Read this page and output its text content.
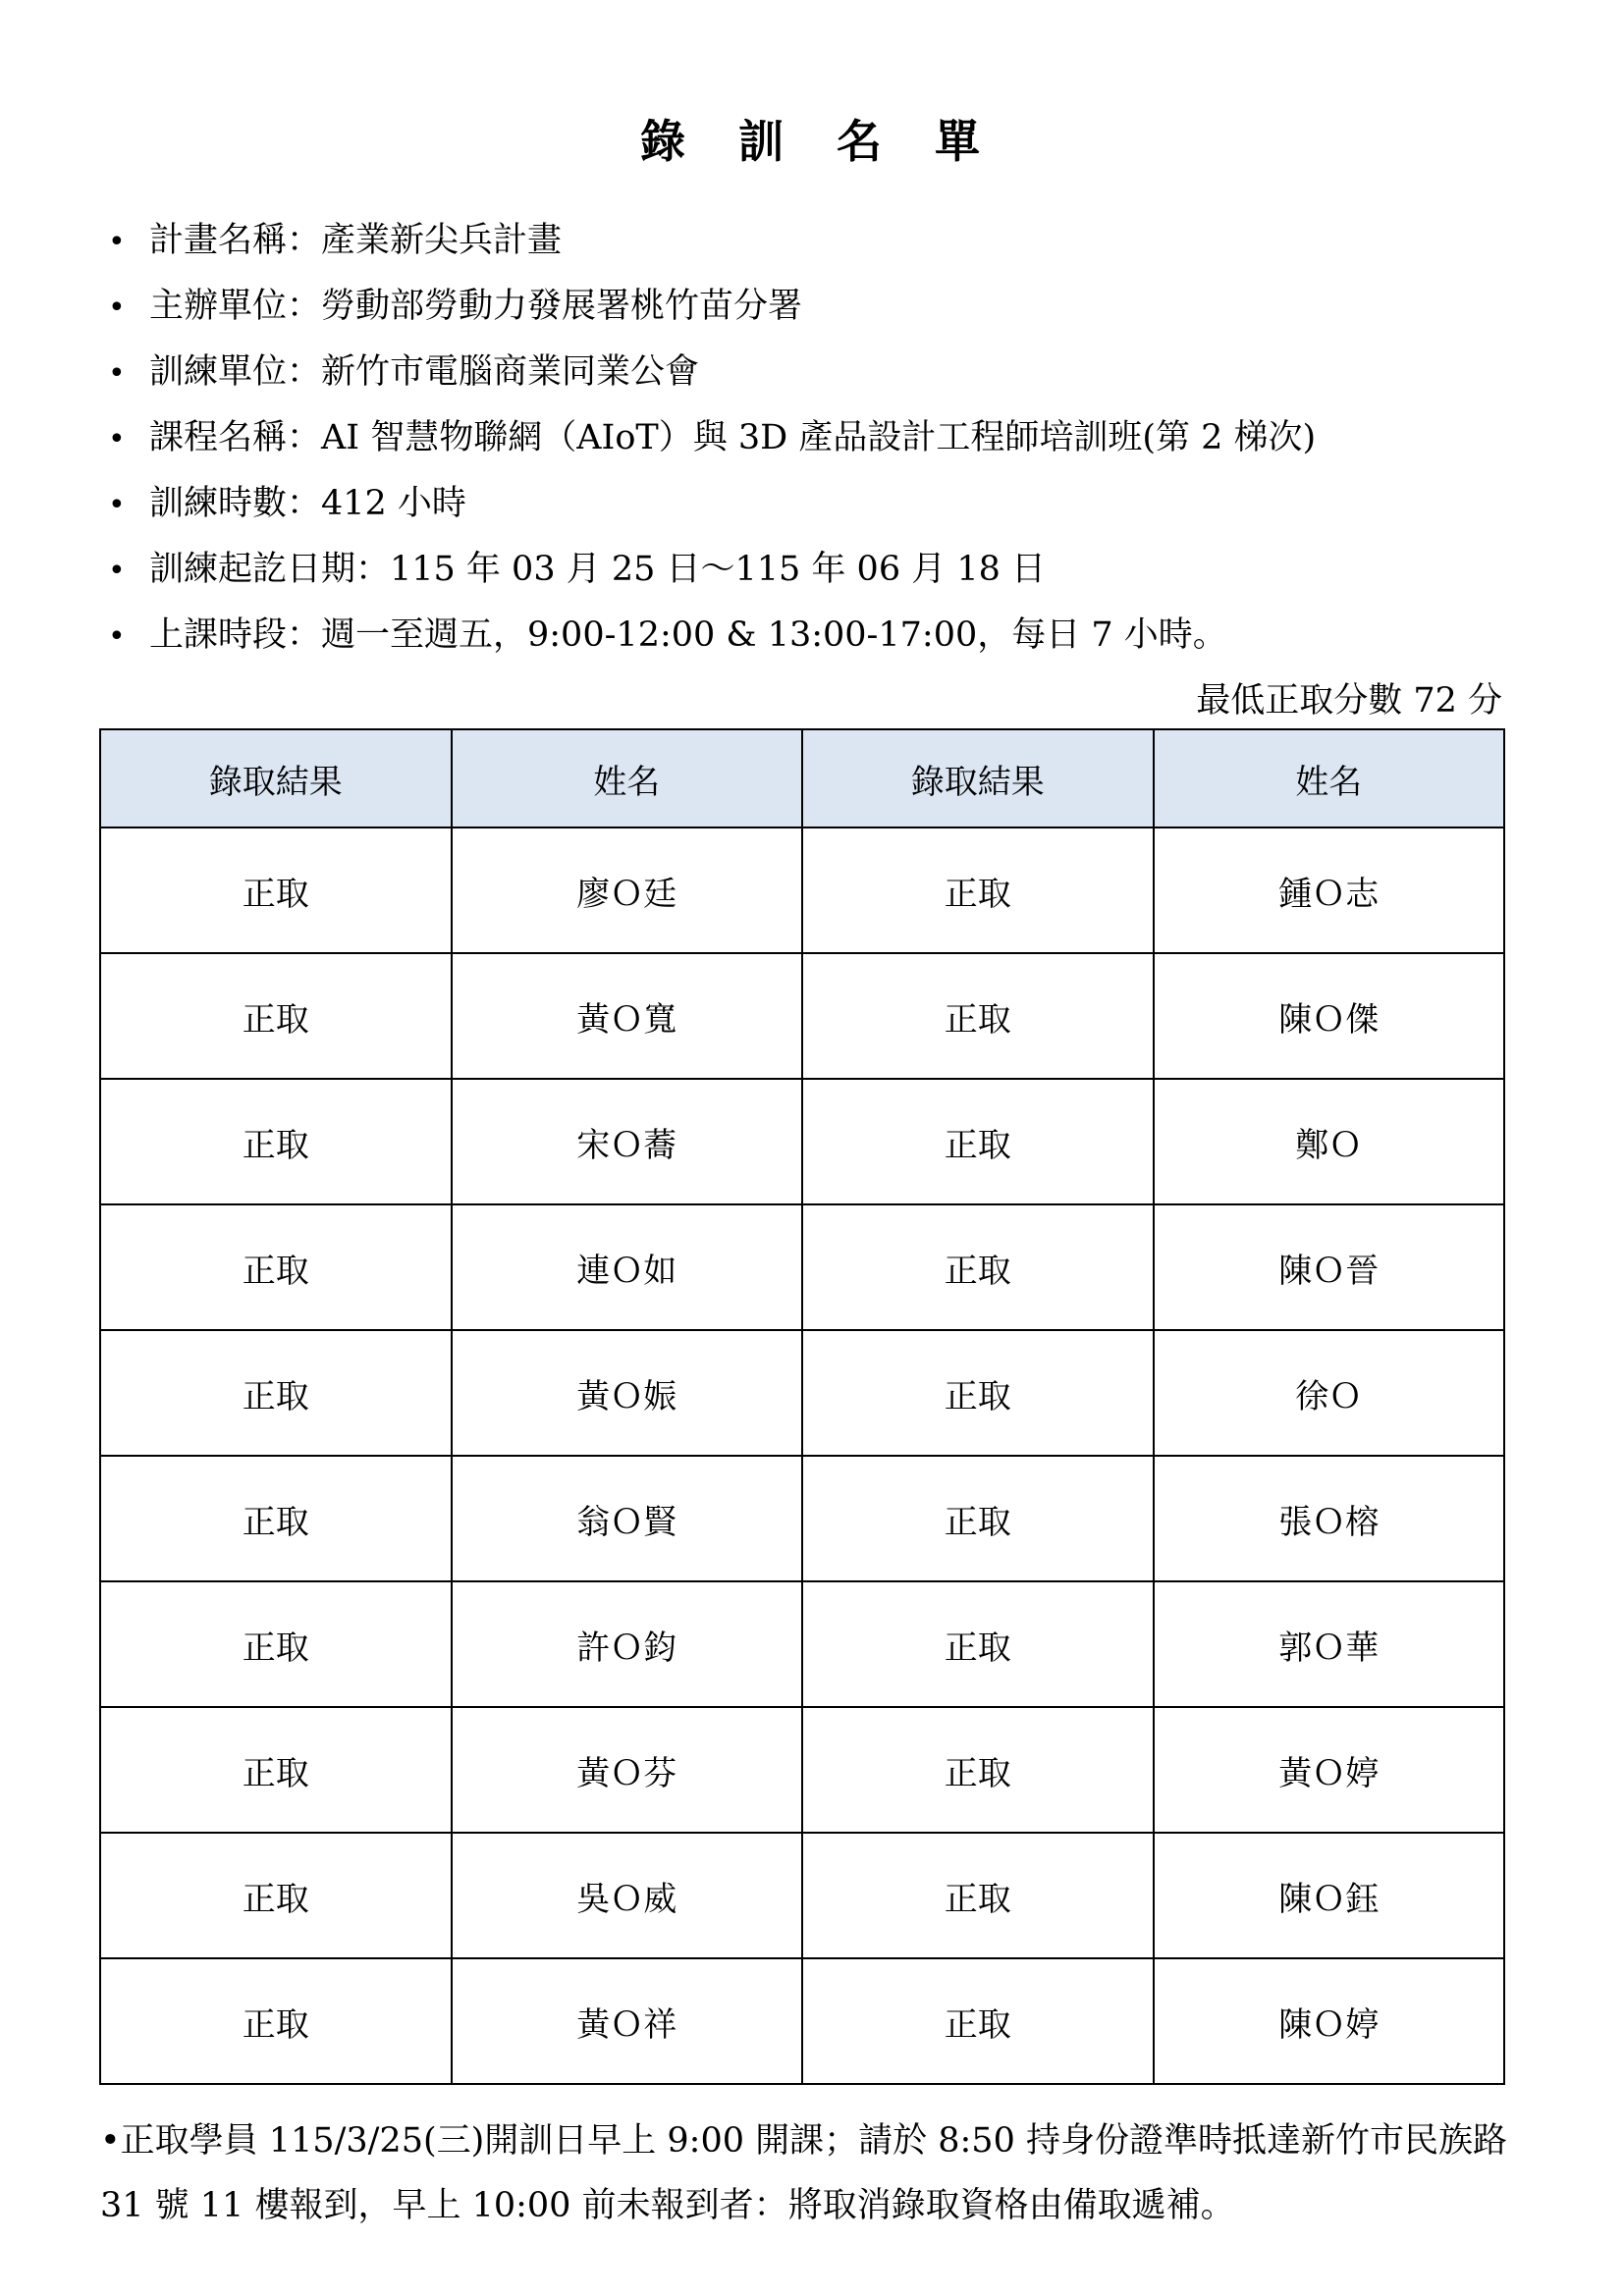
錄　訓　名　單
• 計畫名稱：產業新尖兵計畫
• 主辦單位：勞動部勞動力發展署桃竹苗分署
• 訓練單位：新竹市電腦商業同業公會
• 課程名稱：AI 智慧物聯網（AIoT）與 3D 產品設計工程師培訓班(第 2 梯次)
• 訓練時數：412 小時
• 訓練起訖日期：115 年 03 月 25 日～115 年 06 月 18 日
• 上課時段：週一至週五，9:00-12:00 & 13:00-17:00，每日 7 小時。
最低正取分數 72 分
錄取結果	姓名	錄取結果	姓名
正取	廖Ｏ廷	正取	鍾Ｏ志
正取	黃Ｏ寬	正取	陳Ｏ傑
正取	宋Ｏ蕎	正取	鄭Ｏ
正取	連Ｏ如	正取	陳Ｏ晉
正取	黃Ｏ娠	正取	徐Ｏ
正取	翁Ｏ賢	正取	張Ｏ榕
正取	許Ｏ鈞	正取	郭Ｏ華
正取	黃Ｏ芬	正取	黃Ｏ婷
正取	吳Ｏ威	正取	陳Ｏ鈺
正取	黃Ｏ祥	正取	陳Ｏ婷
•正取學員 115/3/25(三)開訓日早上 9:00 開課；請於 8:50 持身份證準時抵達新竹市民族路 31 號 11 樓報到，早上 10:00 前未報到者：將取消錄取資格由備取遞補。
